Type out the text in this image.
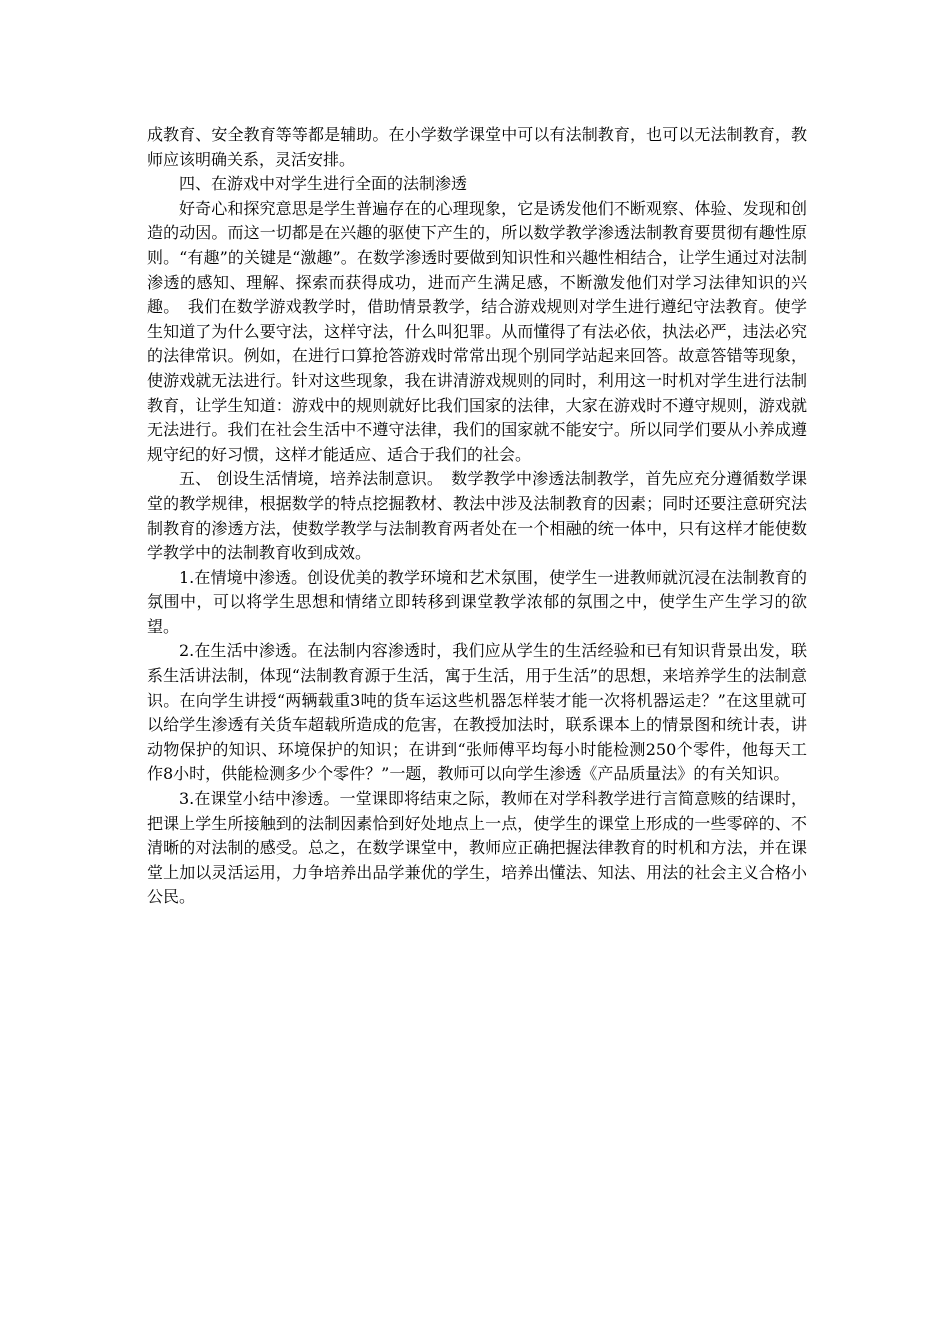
成教育、安全教育等等都是辅助。在小学数学课堂中可以有法制教育，也可以无法制教育，教师应该明确关系，灵活安排。

四、在游戏中对学生进行全面的法制渗透

好奇心和探究意思是学生普遍存在的心理现象，它是诱发他们不断观察、体验、发现和创造的动因。而这一切都是在兴趣的驱使下产生的，所以数学教学渗透法制教育要贯彻有趣性原则。“有趣”的关键是“激趣”。在数学渗透时要做到知识性和兴趣性相结合，让学生通过对法制渗透的感知、理解、探索而获得成功，进而产生满足感，不断激发他们对学习法律知识的兴趣。　我们在数学游戏教学时，借助情景教学，结合游戏规则对学生进行遵纪守法教育。使学生知道了为什么要守法，这样守法，什么叫犯罪。从而懂得了有法必依，执法必严，违法必究的法律常识。例如，在进行口算抢答游戏时常常出现个别同学站起来回答。故意答错等现象，使游戏就无法进行。针对这些现象，我在讲清游戏规则的同时，利用这一时机对学生进行法制教育，让学生知道：游戏中的规则就好比我们国家的法律，大家在游戏时不遵守规则，游戏就无法进行。我们在社会生活中不遵守法律，我们的国家就不能安宁。所以同学们要从小养成遵规守纪的好习惯，这样才能适应、适合于我们的社会。

五、 创设生活情境，培养法制意识。　数学教学中渗透法制教学，首先应充分遵循数学课堂的教学规律，根据数学的特点挖掘教材、教法中涉及法制教育的因素；同时还要注意研究法制教育的渗透方法，使数学教学与法制教育两者处在一个相融的统一体中，只有这样才能使数学教学中的法制教育收到成效。

1.在情境中渗透。创设优美的教学环境和艺术氛围，使学生一进教师就沉浸在法制教育的氛围中，可以将学生思想和情绪立即转移到课堂教学浓郁的氛围之中，使学生产生学习的欲望。

2.在生活中渗透。在法制内容渗透时，我们应从学生的生活经验和已有知识背景出发，联系生活讲法制，体现“法制教育源于生活，寓于生活，用于生活”的思想，来培养学生的法制意识。在向学生讲授“两辆载重3吨的货车运这些机器怎样装才能一次将机器运走？”在这里就可以给学生渗透有关货车超载所造成的危害，在教授加法时，联系课本上的情景图和统计表，讲动物保护的知识、环境保护的知识；在讲到“张师傅平均每小时能检测250个零件，他每天工作8小时，供能检测多少个零件？”一题，教师可以向学生渗透《产品质量法》的有关知识。

3.在课堂小结中渗透。一堂课即将结束之际，教师在对学科教学进行言简意赅的结课时，把课上学生所接触到的法制因素恰到好处地点上一点，使学生的课堂上形成的一些零碎的、不清晰的对法制的感受。总之，在数学课堂中，教师应正确把握法律教育的时机和方法，并在课堂上加以灵活运用，力争培养出品学兼优的学生，培养出懂法、知法、用法的社会主义合格小公民。
